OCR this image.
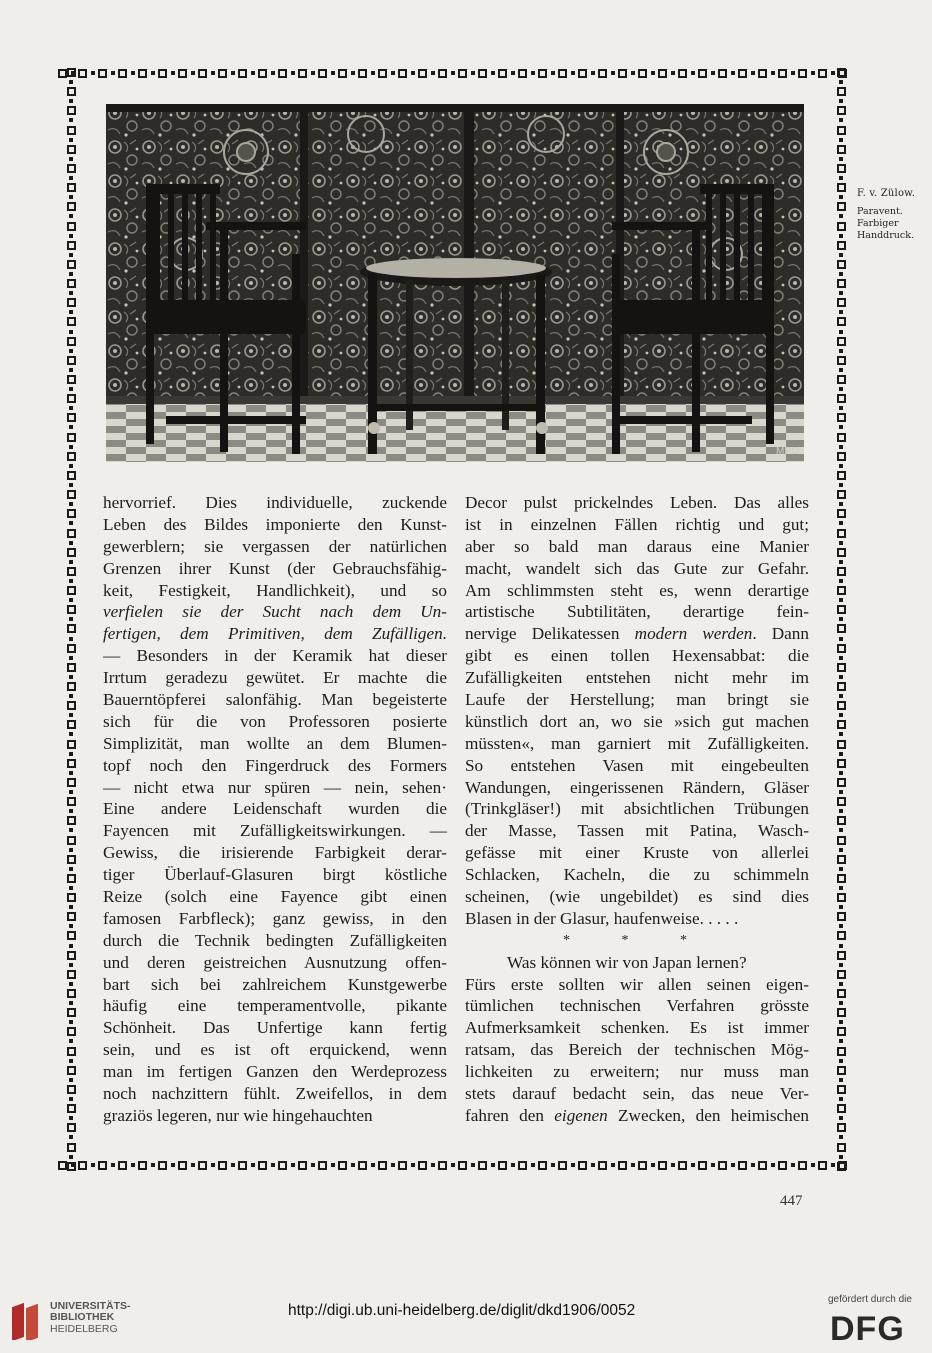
MPG
F. v. Zülow.
Paravent.
Farbiger
Handdruck.
hervorrief. Dies individuelle, zuckende
Leben des Bildes imponierte den Kunst-
gewerblern; sie vergassen der natürlichen
Grenzen ihrer Kunst (der Gebrauchsfähig-
keit, Festigkeit, Handlichkeit), und so
verfielen sie der Sucht nach dem Un-
fertigen, dem Primitiven, dem Zufälligen.
— Besonders in der Keramik hat dieser
Irrtum geradezu gewütet. Er machte die
Bauerntöpferei salonfähig. Man begeisterte
sich für die von Professoren posierte
Simplizität, man wollte an dem Blumen-
topf noch den Fingerdruck des Formers
— nicht etwa nur spüren — nein, sehen·
Eine andere Leidenschaft wurden die
Fayencen mit Zufälligkeitswirkungen. —
Gewiss, die irisierende Farbigkeit derar-
tiger Überlauf-Glasuren birgt köstliche
Reize (solch eine Fayence gibt einen
famosen Farbfleck); ganz gewiss, in den
durch die Technik bedingten Zufälligkeiten
und deren geistreichen Ausnutzung offen-
bart sich bei zahlreichem Kunstgewerbe
häufig eine temperamentvolle, pikante
Schönheit. Das Unfertige kann fertig
sein, und es ist oft erquickend, wenn
man im fertigen Ganzen den Werdeprozess
noch nachzittern fühlt. Zweifellos, in dem
graziös legeren, nur wie hingehauchten
Decor pulst prickelndes Leben. Das alles
ist in einzelnen Fällen richtig und gut;
aber so bald man daraus eine Manier
macht, wandelt sich das Gute zur Gefahr.
Am schlimmsten steht es, wenn derartige
artistische Subtilitäten, derartige fein-
nervige Delikatessen modern werden. Dann
gibt es einen tollen Hexensabbat: die
Zufälligkeiten entstehen nicht mehr im
Laufe der Herstellung; man bringt sie
künstlich dort an, wo sie »sich gut machen
müssten«, man garniert mit Zufälligkeiten.
So entstehen Vasen mit eingebeulten
Wandungen, eingerissenen Rändern, Gläser
(Trinkgläser!) mit absichtlichen Trübungen
der Masse, Tassen mit Patina, Wasch-
gefässe mit einer Kruste von allerlei
Schlacken, Kacheln, die zu schimmeln
scheinen, (wie ungebildet) es sind dies
Blasen in der Glasur, haufenweise. . . . .
* * *
Was können wir von Japan lernen?
Fürs erste sollten wir allen seinen eigen-
tümlichen technischen Verfahren grösste
Aufmerksamkeit schenken. Es ist immer
ratsam, das Bereich der technischen Mög-
lichkeiten zu erweitern; nur muss man
stets darauf bedacht sein, das neue Ver-
fahren den eigenen Zwecken, den heimischen
447
UNIVERSITÄTS-
BIBLIOTHEK
HEIDELBERG
http://digi.ub.uni-heidelberg.de/diglit/dkd1906/0052
gefördert durch die
DFG
